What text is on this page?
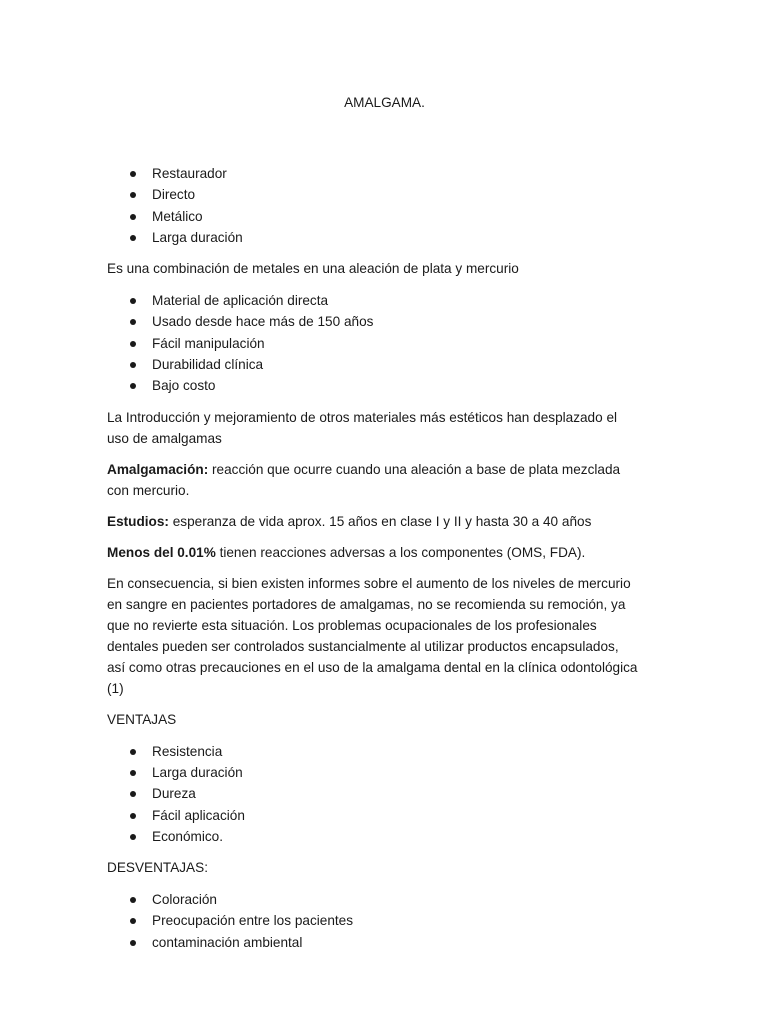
AMALGAMA.
Restaurador
Directo
Metálico
Larga duración

Es una combinación de metales en una aleación de plata y mercurio

Material de aplicación directa
Usado desde hace más de 150 años
Fácil manipulación
Durabilidad clínica
Bajo costo

La Introducción y mejoramiento de otros materiales más estéticos han desplazado el uso de amalgamas

Amalgamación: reacción que ocurre cuando una aleación a base de plata mezclada con mercurio.

Estudios: esperanza de vida aprox. 15 años en clase I y II y hasta 30 a 40 años

Menos del 0.01% tienen reacciones adversas a los componentes (OMS, FDA).

En consecuencia, si bien existen informes sobre el aumento de los niveles de mercurio en sangre en pacientes portadores de amalgamas, no se recomienda su remoción, ya que no revierte esta situación. Los problemas ocupacionales de los profesionales dentales pueden ser controlados sustancialmente al utilizar productos encapsulados, así como otras precauciones en el uso de la amalgama dental en la clínica odontológica (1)

VENTAJAS

Resistencia
Larga duración
Dureza
Fácil aplicación
Económico.

DESVENTAJAS:

Coloración
Preocupación entre los pacientes
contaminación ambiental
